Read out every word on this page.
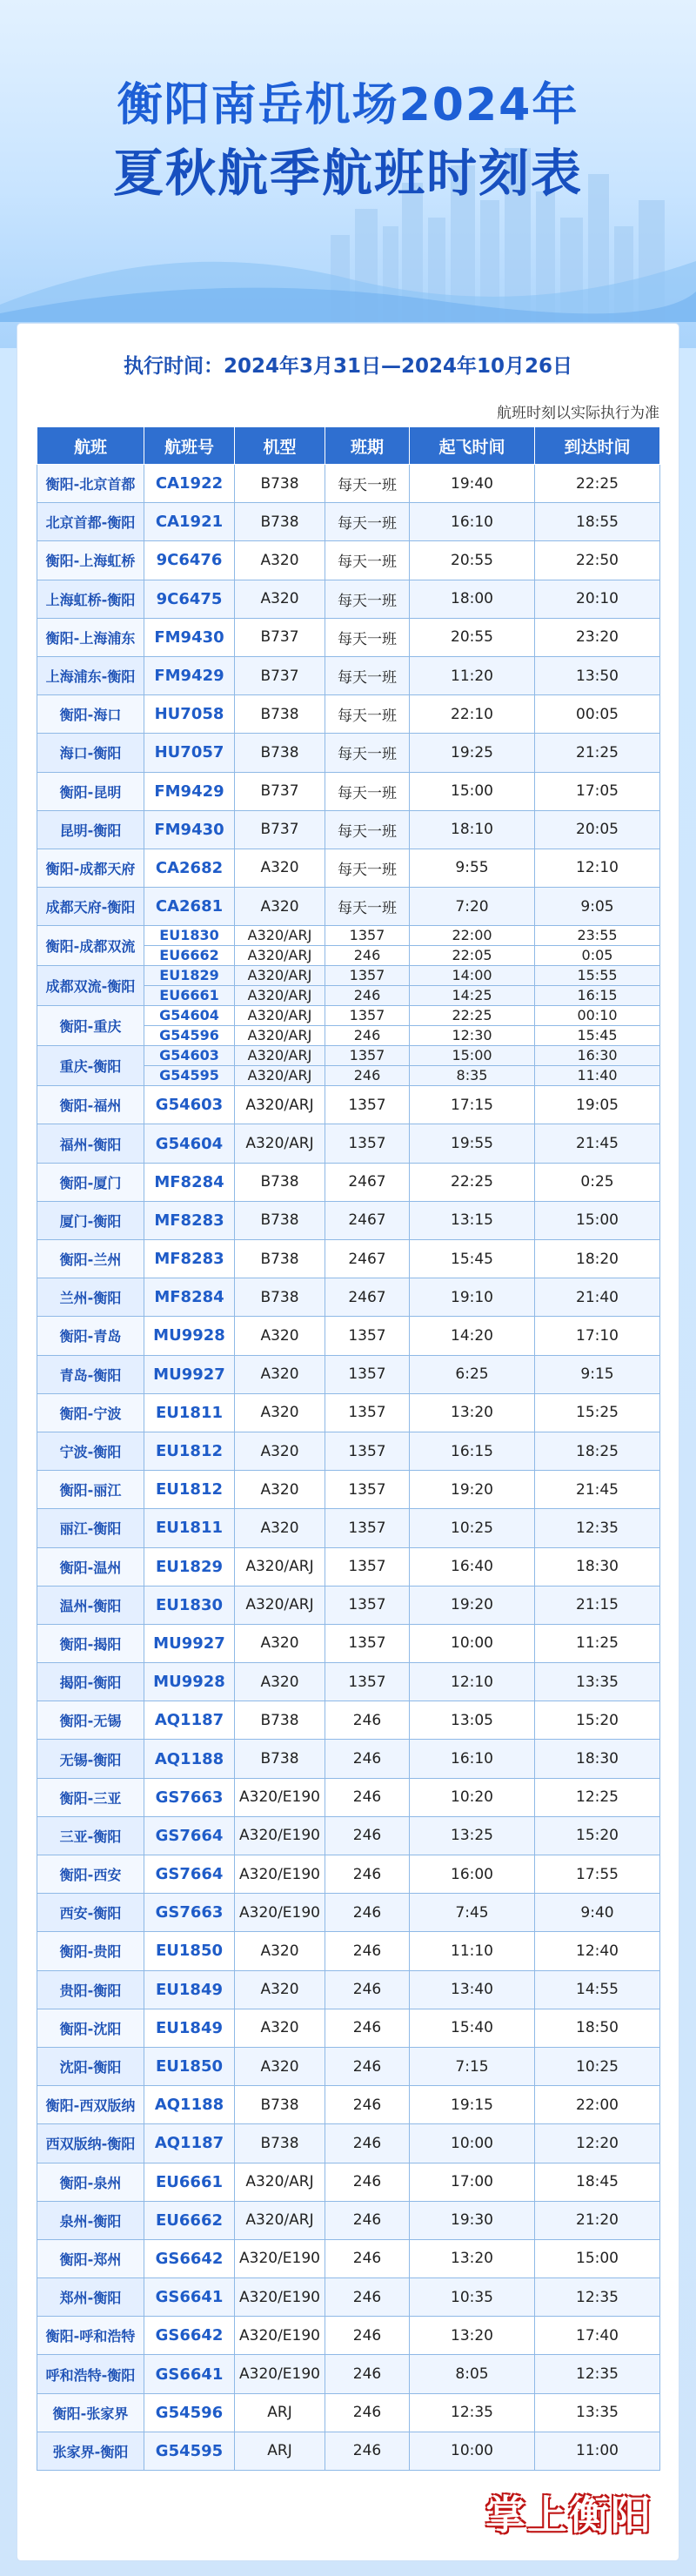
衡阳南岳机场2024年
夏秋航季航班时刻表
执行时间：2024年3月31日—2024年10月26日
航班时刻以实际执行为准
航班	航班号	机型	班期	起飞时间	到达时间
衡阳-北京首都	CA1922	B738	每天一班	19:40	22:25
北京首都-衡阳	CA1921	B738	每天一班	16:10	18:55
衡阳-上海虹桥	9C6476	A320	每天一班	20:55	22:50
上海虹桥-衡阳	9C6475	A320	每天一班	18:00	20:10
衡阳-上海浦东	FM9430	B737	每天一班	20:55	23:20
上海浦东-衡阳	FM9429	B737	每天一班	11:20	13:50
衡阳-海口	HU7058	B738	每天一班	22:10	00:05
海口-衡阳	HU7057	B738	每天一班	19:25	21:25
衡阳-昆明	FM9429	B737	每天一班	15:00	17:05
昆明-衡阳	FM9430	B737	每天一班	18:10	20:05
衡阳-成都天府	CA2682	A320	每天一班	9:55	12:10
成都天府-衡阳	CA2681	A320	每天一班	7:20	9:05
衡阳-成都双流	EU1830	A320/ARJ	1357	22:00	23:55
	EU6662	A320/ARJ	246	22:05	0:05
成都双流-衡阳	EU1829	A320/ARJ	1357	14:00	15:55
	EU6661	A320/ARJ	246	14:25	16:15
衡阳-重庆	G54604	A320/ARJ	1357	22:25	00:10
	G54596	A320/ARJ	246	12:30	15:45
重庆-衡阳	G54603	A320/ARJ	1357	15:00	16:30
	G54595	A320/ARJ	246	8:35	11:40
衡阳-福州	G54603	A320/ARJ	1357	17:15	19:05
福州-衡阳	G54604	A320/ARJ	1357	19:55	21:45
衡阳-厦门	MF8284	B738	2467	22:25	0:25
厦门-衡阳	MF8283	B738	2467	13:15	15:00
衡阳-兰州	MF8283	B738	2467	15:45	18:20
兰州-衡阳	MF8284	B738	2467	19:10	21:40
衡阳-青岛	MU9928	A320	1357	14:20	17:10
青岛-衡阳	MU9927	A320	1357	6:25	9:15
衡阳-宁波	EU1811	A320	1357	13:20	15:25
宁波-衡阳	EU1812	A320	1357	16:15	18:25
衡阳-丽江	EU1812	A320	1357	19:20	21:45
丽江-衡阳	EU1811	A320	1357	10:25	12:35
衡阳-温州	EU1829	A320/ARJ	1357	16:40	18:30
温州-衡阳	EU1830	A320/ARJ	1357	19:20	21:15
衡阳-揭阳	MU9927	A320	1357	10:00	11:25
揭阳-衡阳	MU9928	A320	1357	12:10	13:35
衡阳-无锡	AQ1187	B738	246	13:05	15:20
无锡-衡阳	AQ1188	B738	246	16:10	18:30
衡阳-三亚	GS7663	A320/E190	246	10:20	12:25
三亚-衡阳	GS7664	A320/E190	246	13:25	15:20
衡阳-西安	GS7664	A320/E190	246	16:00	17:55
西安-衡阳	GS7663	A320/E190	246	7:45	9:40
衡阳-贵阳	EU1850	A320	246	11:10	12:40
贵阳-衡阳	EU1849	A320	246	13:40	14:55
衡阳-沈阳	EU1849	A320	246	15:40	18:50
沈阳-衡阳	EU1850	A320	246	7:15	10:25
衡阳-西双版纳	AQ1188	B738	246	19:15	22:00
西双版纳-衡阳	AQ1187	B738	246	10:00	12:20
衡阳-泉州	EU6661	A320/ARJ	246	17:00	18:45
泉州-衡阳	EU6662	A320/ARJ	246	19:30	21:20
衡阳-郑州	GS6642	A320/E190	246	13:20	15:00
郑州-衡阳	GS6641	A320/E190	246	10:35	12:35
衡阳-呼和浩特	GS6642	A320/E190	246	13:20	17:40
呼和浩特-衡阳	GS6641	A320/E190	246	8:05	12:35
衡阳-张家界	G54596	ARJ	246	12:35	13:35
张家界-衡阳	G54595	ARJ	246	10:00	11:00
掌上衡阳
